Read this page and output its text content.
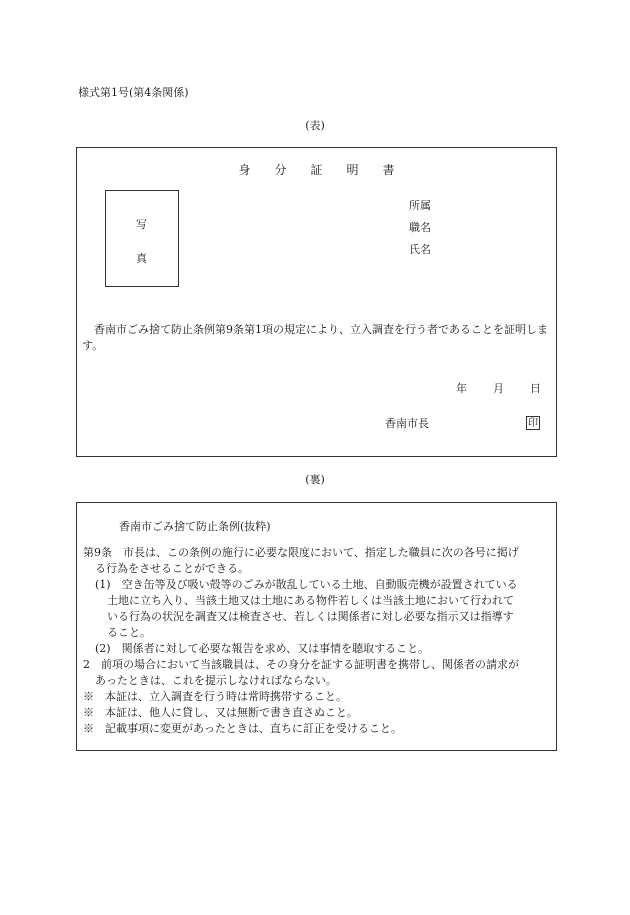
様式第1号(第4条関係)
(表)
身	分	証	明	書
写
真
所属
職名
氏名
香南市ごみ捨て防止条例第9条第1項の規定により、立入調査を行う者であることを証明します。
年 月 日
香南市長	印
(裏)
香南市ごみ捨て防止条例(抜粋)
第9条　市長は、この条例の施行に必要な限度において、指定した職員に次の各号に掲げ
る行為をさせることができる。
(1)　空き缶等及び吸い殻等のごみが散乱している土地、自動販売機が設置されている
土地に立ち入り、当該土地又は土地にある物件若しくは当該土地において行われて
いる行為の状況を調査又は検査させ、若しくは関係者に対し必要な指示又は指導す
ること。
(2)　関係者に対して必要な報告を求め、又は事情を聴取すること。
2　前項の場合において当該職員は、その身分を証する証明書を携帯し、関係者の請求が
あったときは、これを提示しなければならない。
※　本証は、立入調査を行う時は常時携帯すること。
※　本証は、他人に貸し、又は無断で書き直さぬこと。
※　記載事項に変更があったときは、直ちに訂正を受けること。
